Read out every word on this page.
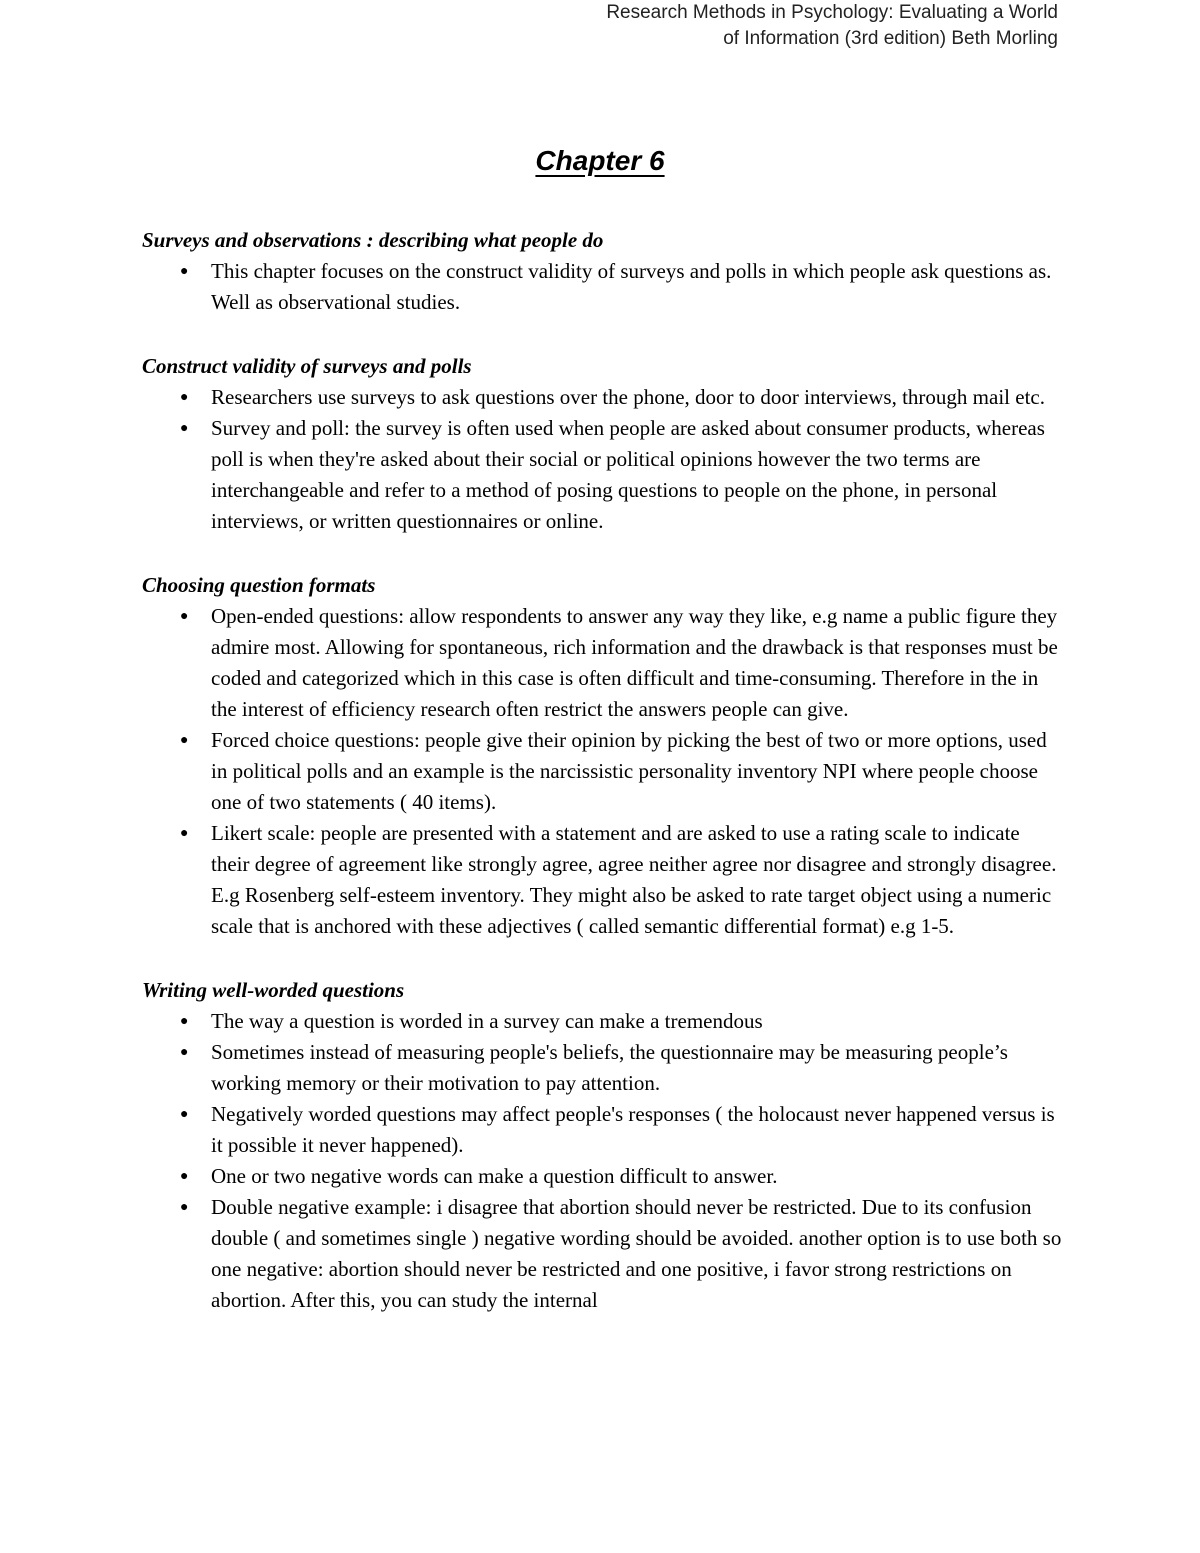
Research Methods in Psychology: Evaluating a World
of Information (3rd edition) Beth Morling
Chapter 6
Surveys and observations : describing what people do
● This chapter focuses on the construct validity of surveys and polls in which people ask questions as. Well as observational studies.
Construct validity of surveys and polls
● Researchers use surveys to ask questions over the phone, door to door interviews, through mail etc.
● Survey and poll: the survey is often used when people are asked about consumer products, whereas poll is when they're asked about their social or political opinions however the two terms are interchangeable and refer to a method of posing questions to people on the phone, in personal interviews, or written questionnaires or online.
Choosing question formats
● Open-ended questions: allow respondents to answer any way they like, e.g name a public figure they admire most. Allowing for spontaneous, rich information and the drawback is that responses must be coded and categorized which in this case is often difficult and time-consuming. Therefore in the in the interest of efficiency research often restrict the answers people can give.
● Forced choice questions: people give their opinion by picking the best of two or more options, used in political polls and an example is the narcissistic personality inventory NPI where people choose one of two statements ( 40 items).
● Likert scale: people are presented with a statement and are asked to use a rating scale to indicate their degree of agreement like strongly agree, agree neither agree nor disagree and strongly disagree. E.g Rosenberg self-esteem inventory. They might also be asked to rate target object using a numeric scale that is anchored with these adjectives ( called semantic differential format) e.g 1-5.
Writing well-worded questions
● The way a question is worded in a survey can make a tremendous
● Sometimes instead of measuring people's beliefs, the questionnaire may be measuring people’s working memory or their motivation to pay attention.
● Negatively worded questions may affect people's responses ( the holocaust never happened versus is it possible it never happened).
● One or two negative words can make a question difficult to answer.
● Double negative example: i disagree that abortion should never be restricted. Due to its confusion double ( and sometimes single ) negative wording should be avoided. another option is to use both so one negative: abortion should never be restricted and one positive, i favor strong restrictions on abortion. After this, you can study the internal
